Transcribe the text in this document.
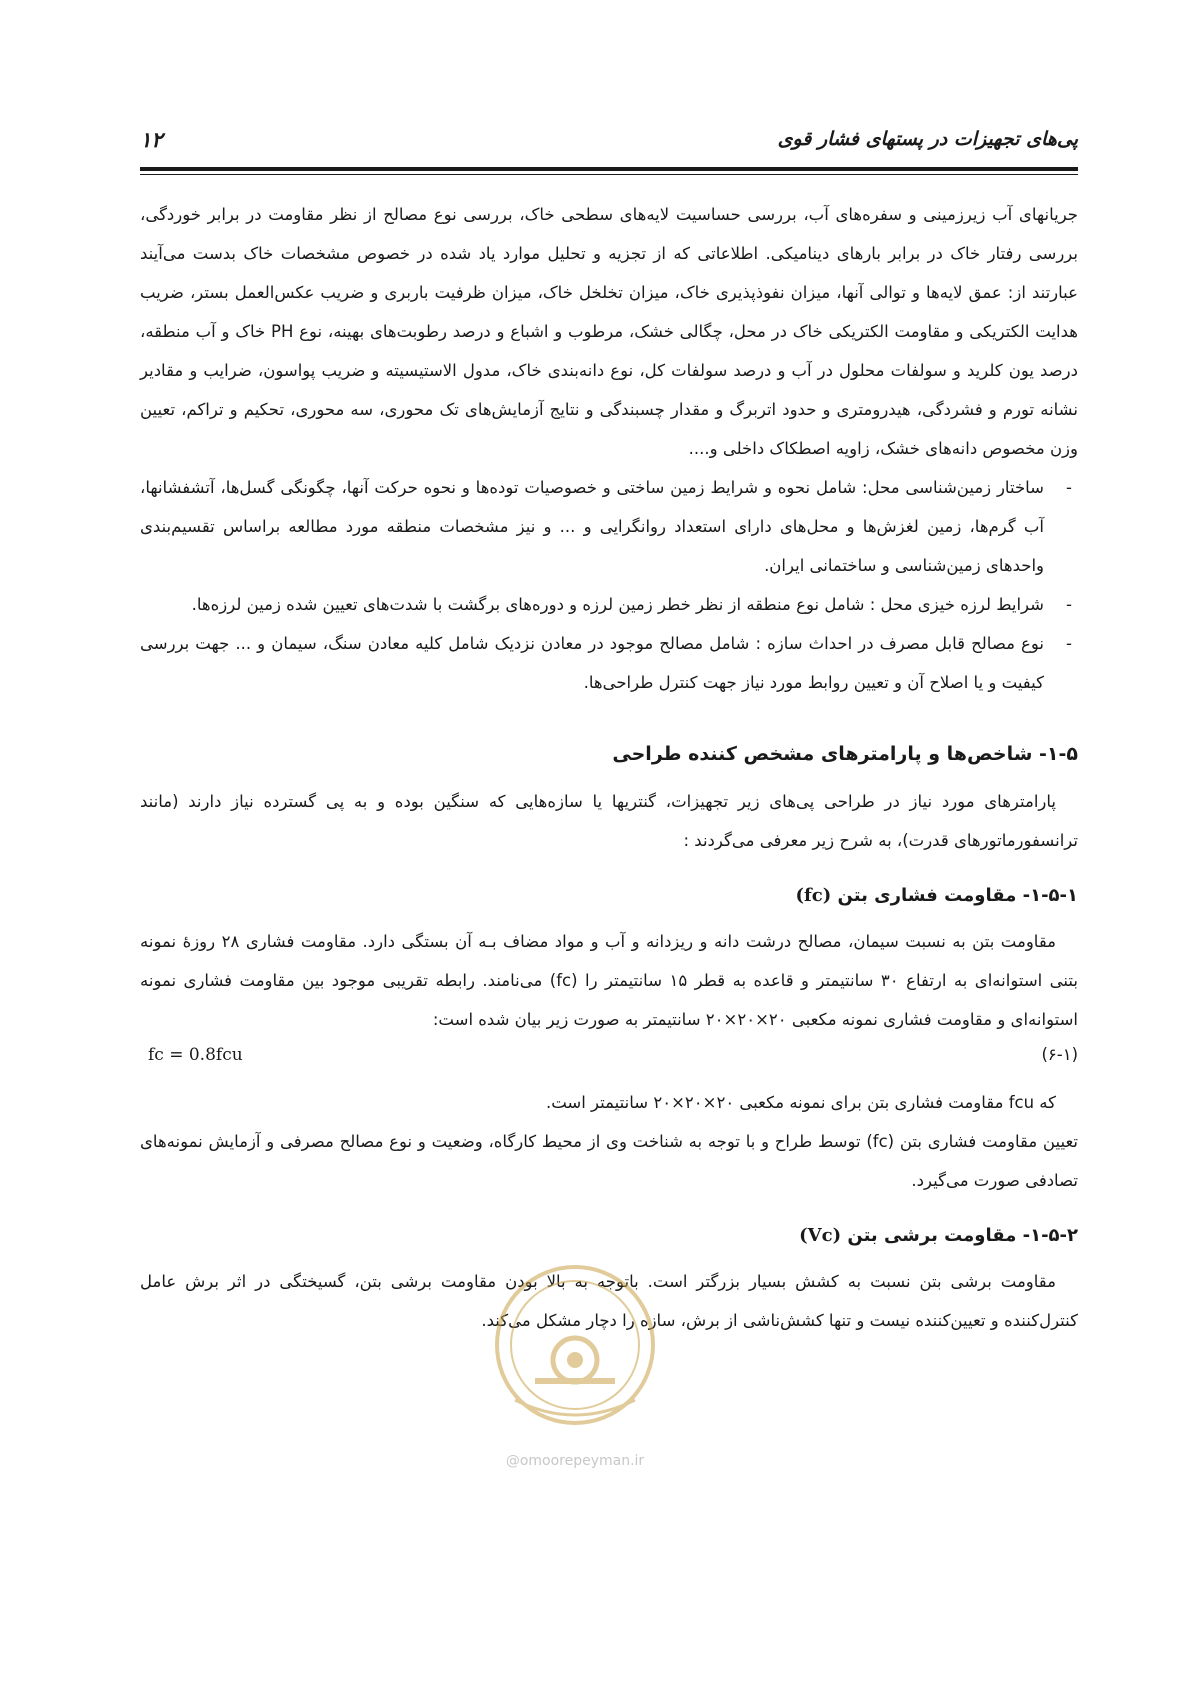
۱۲	پی‌های تجهیزات در پستهای فشار قوی

جریانهای آب زیرزمینی و سفره‌های آب، بررسی حساسیت لایه‌های سطحی خاک، بررسی نوع مصالح از نظر مقاومت در برابر خوردگی، بررسی رفتار خاک در برابر بارهای دینامیکی. اطلاعاتی که از تجزیه و تحلیل موارد یاد شده در خصوص مشخصات خاک بدست می‌آیند عبارتند از: عمق لایه‌ها و توالی آنها، میزان نفوذپذیری خاک، میزان تخلخل خاک، میزان ظرفیت باربری و ضریب عکس‌العمل بستر، ضریب هدایت الکتریکی و مقاومت الکتریکی خاک در محل، چگالی خشک، مرطوب و اشباع و درصد رطوبت‌های بهینه، نوع PH خاک و آب منطقه، درصد یون کلرید و سولفات محلول در آب و درصد سولفات کل، نوع دانه‌بندی خاک، مدول الاستیسیته و ضریب پواسون، ضرایب و مقادیر نشانه تورم و فشردگی، هیدرومتری و حدود اتربرگ و مقدار چسبندگی و نتایج آزمایش‌های تک محوری، سه محوری، تحکیم و تراکم، تعیین وزن مخصوص دانه‌های خشک، زاویه اصطکاک داخلی و....

-
ساختار زمین‌شناسی محل: شامل نحوه و شرایط زمین ساختی و خصوصیات توده‌ها و نحوه حرکت آنها، چگونگی گسل‌ها، آتشفشانها، آب گرم‌ها، زمین لغزش‌ها و محل‌های دارای استعداد روانگرایی و ... و نیز مشخصات منطقه مورد مطالعه براساس تقسیم‌بندی واحدهای زمین‌شناسی و ساختمانی ایران.
-
شرایط لرزه خیزی محل : شامل نوع منطقه از نظر خطر زمین لرزه و دوره‌های برگشت با شدت‌های تعیین شده زمین لرزه‌ها.
-
نوع مصالح قابل مصرف در احداث سازه : شامل مصالح موجود در معادن نزدیک شامل کلیه معادن سنگ، سیمان و ... جهت بررسی کیفیت و یا اصلاح آن و تعیین روابط مورد نیاز جهت کنترل طراحی‌ها.
۱-۵- شاخص‌ها و پارامترهای مشخص کننده طراحی

پارامترهای مورد نیاز در طراحی پی‌های زیر تجهیزات، گنتریها یا سازه‌هایی که سنگین بوده و به پی گسترده نیاز دارند (مانند ترانسفورماتورهای قدرت)، به شرح زیر معرفی می‌گردند :

۱-۵-۱- مقاومت فشاری بتن (fc)

مقاومت بتن به نسبت سیمان، مصالح درشت دانه و ریزدانه و آب و مواد مضاف بـه آن بستگی دارد. مقاومت فشاری ۲۸ روزهٔ نمونه بتنی استوانه‌ای به ارتفاع ۳۰ سانتیمتر و قاعده به قطر ۱۵ سانتیمتر را (fc) می‌نامند. رابطه تقریبی موجود بین مقاومت فشاری نمونه استوانه‌ای و مقاومت فشاری نمونه مکعبی ۲۰×۲۰×۲۰ سانتیمتر به صورت زیر بیان شده است:

(۶-۱)
fc = 0.8fcu

که fcu مقاومت فشاری بتن برای نمونه مکعبی ۲۰×۲۰×۲۰ سانتیمتر است.

تعیین مقاومت فشاری بتن (fc) توسط طراح و با توجه به شناخت وی از محیط کارگاه، وضعیت و نوع مصالح مصرفی و آزمایش نمونه‌های تصادفی صورت می‌گیرد.

۱-۵-۲- مقاومت برشی بتن (Vc)

مقاومت برشی بتن نسبت به کشش بسیار بزرگتر است. باتوجه به بالا بودن مقاومت برشی بتن، گسیختگی در اثر برش عامل کنترل‌کننده و تعیین‌کننده نیست و تنها کشش‌ناشی از برش، سازه را دچار مشکل می‌کند.

@omoorepeyman.ir
